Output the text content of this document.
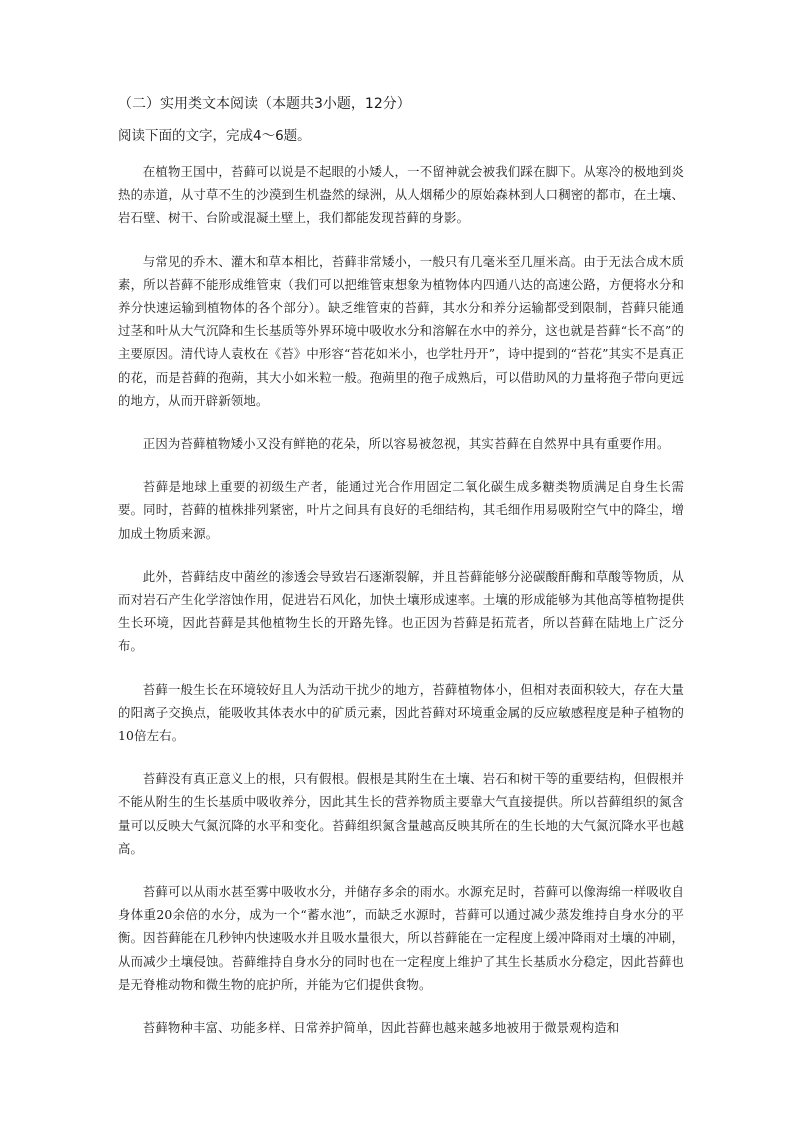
（二）实用类文本阅读（本题共3小题，12分）
阅读下面的文字，完成4～6题。

在植物王国中，苔藓可以说是不起眼的小矮人，一不留神就会被我们踩在脚下。从寒冷的极地到炎热的赤道，从寸草不生的沙漠到生机盎然的绿洲，从人烟稀少的原始森林到人口稠密的都市，在土壤、岩石壁、树干、台阶或混凝土壁上，我们都能发现苔藓的身影。

与常见的乔木、灌木和草本相比，苔藓非常矮小，一般只有几毫米至几厘米高。由于无法合成木质素，所以苔藓不能形成维管束（我们可以把维管束想象为植物体内四通八达的高速公路，方便将水分和养分快速运输到植物体的各个部分）。缺乏维管束的苔藓，其水分和养分运输都受到限制，苔藓只能通过茎和叶从大气沉降和生长基质等外界环境中吸收水分和溶解在水中的养分，这也就是苔藓“长不高”的主要原因。清代诗人袁枚在《苔》中形容“苔花如米小，也学牡丹开”，诗中提到的“苔花”其实不是真正的花，而是苔藓的孢蒴，其大小如米粒一般。孢蒴里的孢子成熟后，可以借助风的力量将孢子带向更远的地方，从而开辟新领地。

正因为苔藓植物矮小又没有鲜艳的花朵，所以容易被忽视，其实苔藓在自然界中具有重要作用。

苔藓是地球上重要的初级生产者，能通过光合作用固定二氧化碳生成多糖类物质满足自身生长需要。同时，苔藓的植株排列紧密，叶片之间具有良好的毛细结构，其毛细作用易吸附空气中的降尘，增加成土物质来源。

此外，苔藓结皮中菌丝的渗透会导致岩石逐渐裂解，并且苔藓能够分泌碳酸酐酶和草酸等物质，从而对岩石产生化学溶蚀作用，促进岩石风化，加快土壤形成速率。土壤的形成能够为其他高等植物提供生长环境，因此苔藓是其他植物生长的开路先锋。也正因为苔藓是拓荒者，所以苔藓在陆地上广泛分布。

苔藓一般生长在环境较好且人为活动干扰少的地方，苔藓植物体小，但相对表面积较大，存在大量的阳离子交换点，能吸收其体表水中的矿质元素，因此苔藓对环境重金属的反应敏感程度是种子植物的10倍左右。

苔藓没有真正意义上的根，只有假根。假根是其附生在土壤、岩石和树干等的重要结构，但假根并不能从附生的生长基质中吸收养分，因此其生长的营养物质主要靠大气直接提供。所以苔藓组织的氮含量可以反映大气氮沉降的水平和变化。苔藓组织氮含量越高反映其所在的生长地的大气氮沉降水平也越高。

苔藓可以从雨水甚至雾中吸收水分，并储存多余的雨水。水源充足时，苔藓可以像海绵一样吸收自身体重20余倍的水分，成为一个“蓄水池”，而缺乏水源时，苔藓可以通过减少蒸发维持自身水分的平衡。因苔藓能在几秒钟内快速吸水并且吸水量很大，所以苔藓能在一定程度上缓冲降雨对土壤的冲刷，从而减少土壤侵蚀。苔藓维持自身水分的同时也在一定程度上维护了其生长基质水分稳定，因此苔藓也是无脊椎动物和微生物的庇护所，并能为它们提供食物。

苔藓物种丰富、功能多样、日常养护简单，因此苔藓也越来越多地被用于微景观构造和
